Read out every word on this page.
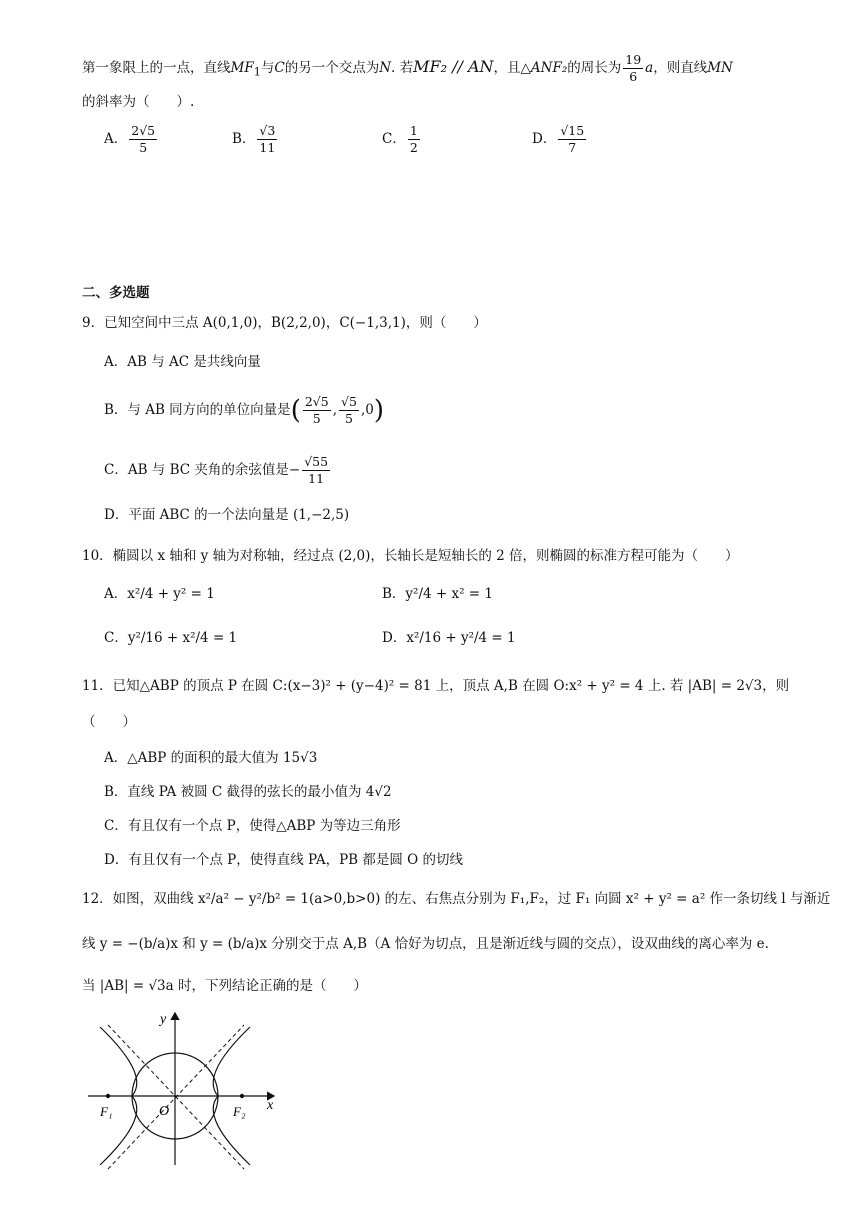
第一象限上的一点，直线$MF_1$与C的另一个交点为N. 若MF₂ // AN，且△ANF₂的周长为 $\frac{19}{6}$ a，则直线MN
的斜率为（　　）.
A． $\frac{2√5}{5}$	B． $\frac{√3}{11}$	C． $\frac{1}{2}$	D． $\frac{√15}{7}$
二、多选题
9．已知空间中三点 A(0,1,0)，B(2,2,0)，C(−1,3,1)，则（　　）
A．AB 与 AC 是共线向量
B．与 AB 同方向的单位向量是( $\frac{2√5}{5}$ , $\frac{√5}{5} ,0$)
C．AB 与 BC 夹角的余弦值是− $\frac{√55}{11}$
D．平面 ABC 的一个法向量是 (1,−2,5)
10．椭圆以 x 轴和 y 轴为对称轴，经过点 (2,0)，长轴长是短轴长的 2 倍，则椭圆的标准方程可能为（　　）
A．x²/4 + y² = 1	B．y²/4 + x² = 1
C．y²/16 + x²/4 = 1	D．x²/16 + y²/4 = 1
11．已知△ABP 的顶点 P 在圆 C:(x−3)² + (y−4)² = 81 上，顶点 A,B 在圆 O:x² + y² = 4 上. 若 |AB| = 2√3，则
（　　）
A．△ABP 的面积的最大值为 15√3
B．直线 PA 被圆 C 截得的弦长的最小值为 4√2
C．有且仅有一个点 P，使得△ABP 为等边三角形
D．有且仅有一个点 P，使得直线 PA，PB 都是圆 O 的切线
12．如图，双曲线 x²/a² − y²/b² = 1(a>0,b>0) 的左、右焦点分别为 F₁,F₂，过 F₁ 向圆 x² + y² = a² 作一条切线 l 与渐近
线 y = −(b/a)x 和 y = (b/a)x 分别交于点 A,B（A 恰好为切点，且是渐近线与圆的交点），设双曲线的离心率为 e.
当 |AB| = √3a 时，下列结论正确的是（　　）
x
y
O
F₁	F₂
